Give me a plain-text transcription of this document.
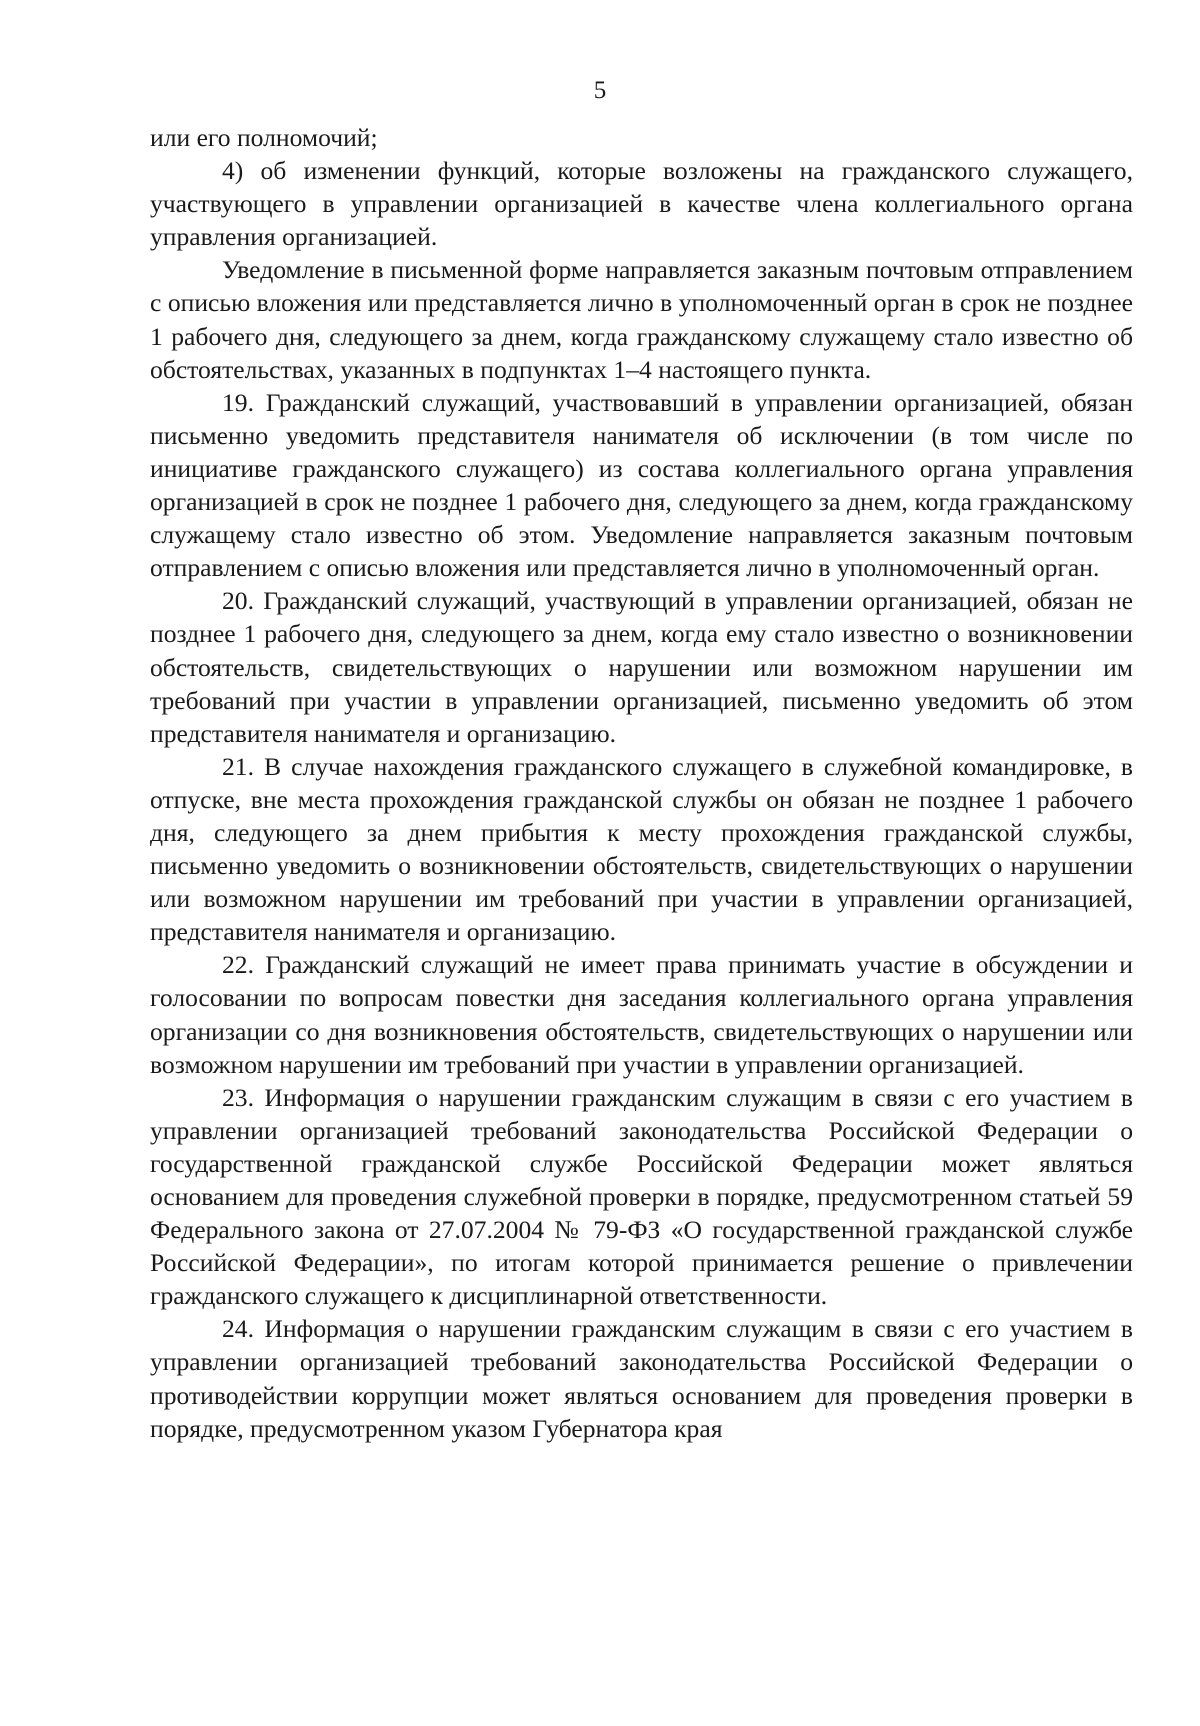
5

или его полномочий;

4) об изменении функций, которые возложены на гражданского служащего, участвующего в управлении организацией в качестве члена коллегиального органа управления организацией.

Уведомление в письменной форме направляется заказным почтовым отправлением с описью вложения или представляется лично в уполномоченный орган в срок не позднее 1 рабочего дня, следующего за днем, когда гражданскому служащему стало известно об обстоятельствах, указанных в подпунктах 1–4 настоящего пункта.

19. Гражданский служащий, участвовавший в управлении организацией, обязан письменно уведомить представителя нанимателя об исключении (в том числе по инициативе гражданского служащего) из состава коллегиального органа управления организацией в срок не позднее 1 рабочего дня, следующего за днем, когда гражданскому служащему стало известно об этом. Уведомление направляется заказным почтовым отправлением с описью вложения или представляется лично в уполномоченный орган.

20. Гражданский служащий, участвующий в управлении организацией, обязан не позднее 1 рабочего дня, следующего за днем, когда ему стало известно о возникновении обстоятельств, свидетельствующих о нарушении или возможном нарушении им требований при участии в управлении организацией, письменно уведомить об этом представителя нанимателя и организацию.

21. В случае нахождения гражданского служащего в служебной командировке, в отпуске, вне места прохождения гражданской службы он обязан не позднее 1 рабочего дня, следующего за днем прибытия к месту прохождения гражданской службы, письменно уведомить о возникновении обстоятельств, свидетельствующих о нарушении или возможном нарушении им требований при участии в управлении организацией, представителя нанимателя и организацию.

22. Гражданский служащий не имеет права принимать участие в обсуждении и голосовании по вопросам повестки дня заседания коллегиального органа управления организации со дня возникновения обстоятельств, свидетельствующих о нарушении или возможном нарушении им требований при участии в управлении организацией.

23. Информация о нарушении гражданским служащим в связи с его участием в управлении организацией требований законодательства Российской Федерации о государственной гражданской службе Российской Федерации может являться основанием для проведения служебной проверки в порядке, предусмотренном статьей 59 Федерального закона от 27.07.2004 № 79-ФЗ «О государственной гражданской службе Российской Федерации», по итогам которой принимается решение о привлечении гражданского служащего к дисциплинарной ответственности.

24. Информация о нарушении гражданским служащим в связи с его участием в управлении организацией требований законодательства Российской Федерации о противодействии коррупции может являться основанием для проведения проверки в порядке, предусмотренном указом Губернатора края
